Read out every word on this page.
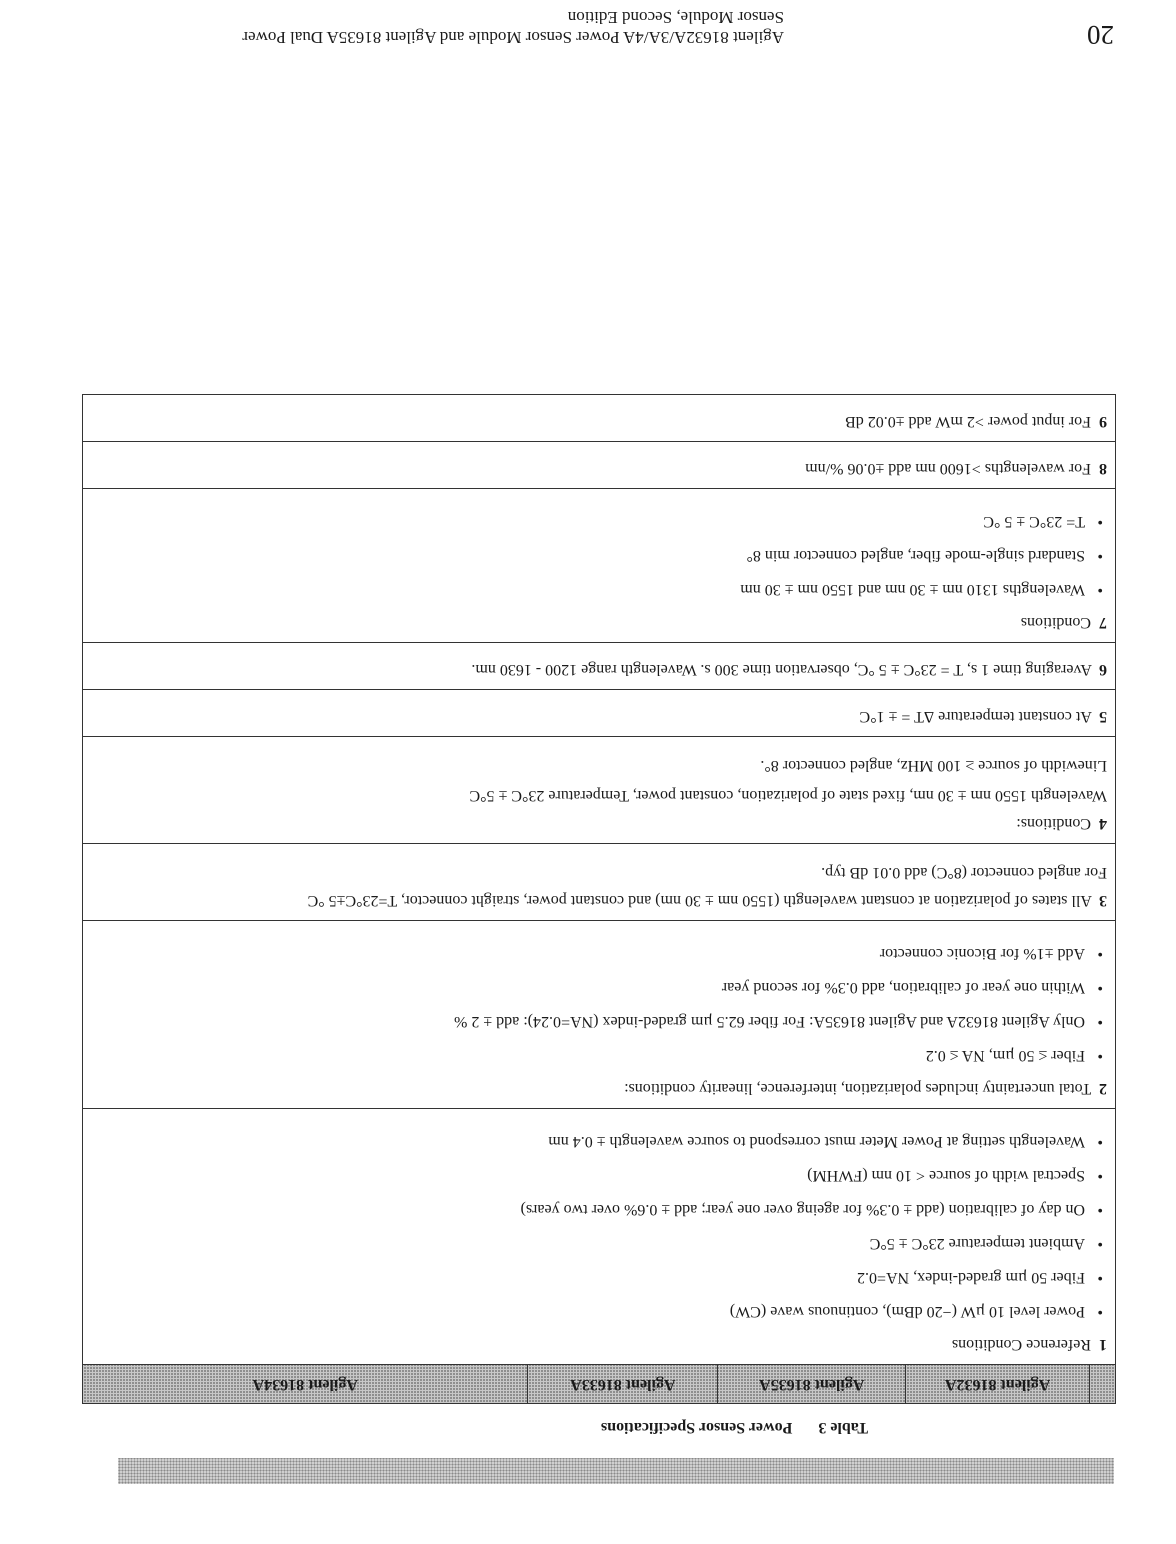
20
Agilent 81632A/3A/4A Power Sensor Module and Agilent 81635A Dual Power
Sensor Module, Second Edition
Table 3 Power Sensor Specifications
	Agilent 81632A	Agilent 81635A	Agilent 81633A	Agilent 81634A

1 Reference Conditions
• Power level 10 µW (−20 dBm), continuous wave (CW)
• Fiber 50 µm graded-index, NA=0.2
• Ambient temperature 23°C ± 5°C
• On day of calibration (add ± 0.3% for ageing over one year; add ± 0.6% over two years)
• Spectral width of source < 10 nm (FWHM)
• Wavelength setting at Power Meter must correspond to source wavelength ± 0.4 nm

2 Total uncertainty includes polarization, interference, linearity conditions:
• Fiber ≤ 50 µm, NA ≤ 0.2
• Only Agilent 81632A and Agilent 81635A: For fiber 62.5 µm graded-index (NA=0.24): add ± 2 %
• Within one year of calibration, add 0.3% for second year
• Add ±1% for Biconic connector

3 All states of polarization at constant wavelength (1550 nm ± 30 nm) and constant power, straight connector, T=23°C±5 °C
For angled connector (8°C) add 0.01 dB typ.

4 Conditions:
Wavelength 1550 nm ± 30 nm, fixed state of polarization, constant power, Temperature 23°C ± 5°C
Linewidth of source ≥ 100 MHz, angled connector 8°.

5 At constant temperature ΔT = ± 1°C

6 Averaging time 1 s, T = 23°C ± 5 °C, observation time 300 s. Wavelength range 1200 - 1630 nm.

7 Conditions
• Wavelengths 1310 nm ± 30 nm and 1550 nm ± 30 nm
• Standard single-mode fiber, angled connector min 8°
• T= 23°C ± 5 °C

8 For wavelengths >1600 nm add ±0.06 %/nm

9 For input power >2 mW add ±0.02 dB
